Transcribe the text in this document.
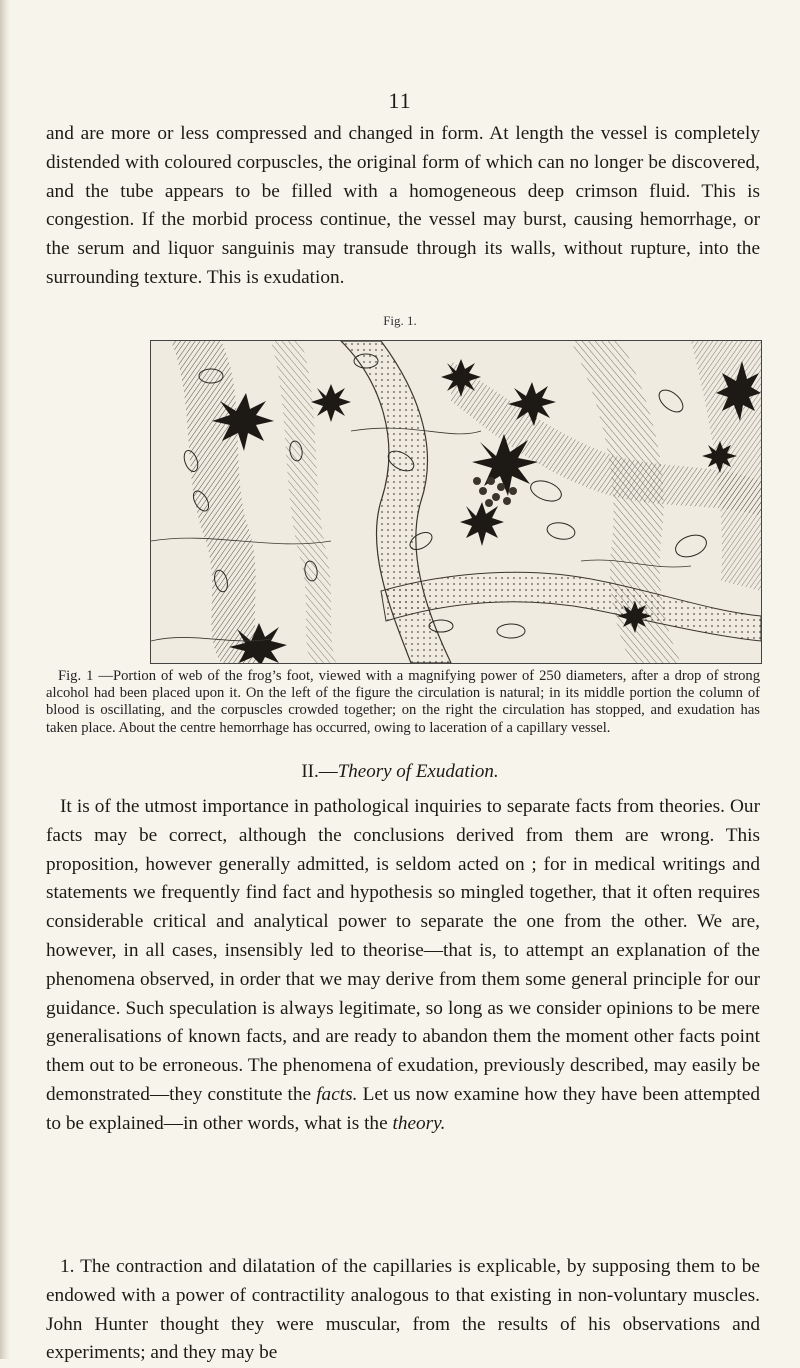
11

and are more or less compressed and changed in form. At length the vessel is completely distended with coloured corpuscles, the original form of which can no longer be discovered, and the tube appears to be filled with a homogeneous deep crimson fluid. This is congestion. If the morbid process continue, the vessel may burst, causing hemorrhage, or the serum and liquor sanguinis may transude through its walls, without rupture, into the surrounding texture. This is exudation.

Fig. 1.

Fig. 1 —Portion of web of the frog’s foot, viewed with a magnifying power of 250 diameters, after a drop of strong alcohol had been placed upon it. On the left of the figure the circulation is natural; in its middle portion the column of blood is oscillating, and the corpuscles crowded together; on the right the circulation has stopped, and exudation has taken place. About the centre hemorrhage has occurred, owing to laceration of a capillary vessel.

II.—Theory of Exudation.

It is of the utmost importance in pathological inquiries to separate facts from theories. Our facts may be correct, although the conclusions derived from them are wrong. This proposition, however generally admitted, is seldom acted on ; for in medical writings and statements we frequently find fact and hypothesis so mingled together, that it often requires considerable critical and analytical power to separate the one from the other. We are, however, in all cases, insensibly led to theorise—that is, to attempt an explanation of the phenomena observed, in order that we may derive from them some general principle for our guidance. Such speculation is always legitimate, so long as we consider opinions to be mere generalisations of known facts, and are ready to abandon them the moment other facts point them out to be erroneous. The phenomena of exudation, previously described, may easily be demonstrated—they constitute the facts. Let us now examine how they have been attempted to be explained—in other words, what is the theory.

1. The contraction and dilatation of the capillaries is explicable, by supposing them to be endowed with a power of contractility analogous to that existing in non-voluntary muscles. John Hunter thought they were muscular, from the results of his observations and experiments; and they may be
